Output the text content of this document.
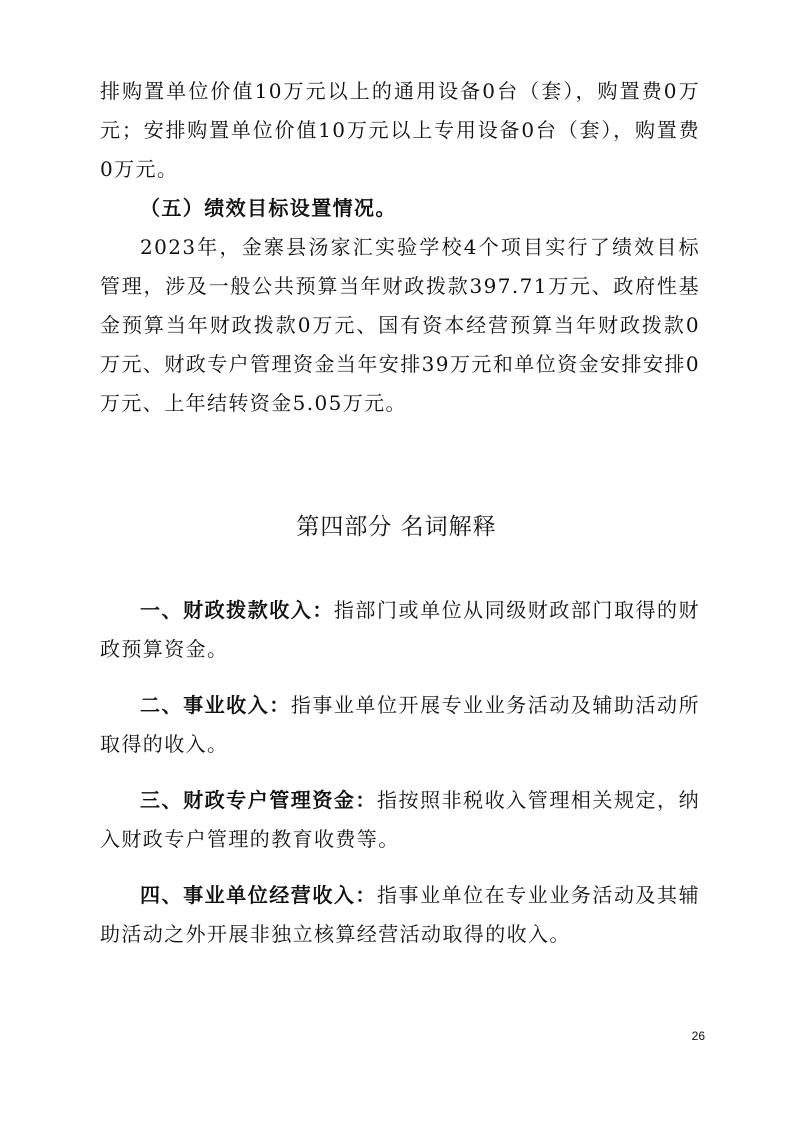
排购置单位价值10万元以上的通用设备0台（套），购置费0万元；安排购置单位价值10万元以上专用设备0台（套），购置费0万元。

（五）绩效目标设置情况。

2023年，金寨县汤家汇实验学校4个项目实行了绩效目标管理，涉及一般公共预算当年财政拨款397.71万元、政府性基金预算当年财政拨款0万元、国有资本经营预算当年财政拨款0万元、财政专户管理资金当年安排39万元和单位资金安排安排0万元、上年结转资金5.05万元。

第四部分 名词解释

一、财政拨款收入：指部门或单位从同级财政部门取得的财政预算资金。

二、事业收入：指事业单位开展专业业务活动及辅助活动所取得的收入。

三、财政专户管理资金：指按照非税收入管理相关规定，纳入财政专户管理的教育收费等。

四、事业单位经营收入：指事业单位在专业业务活动及其辅助活动之外开展非独立核算经营活动取得的收入。

26
